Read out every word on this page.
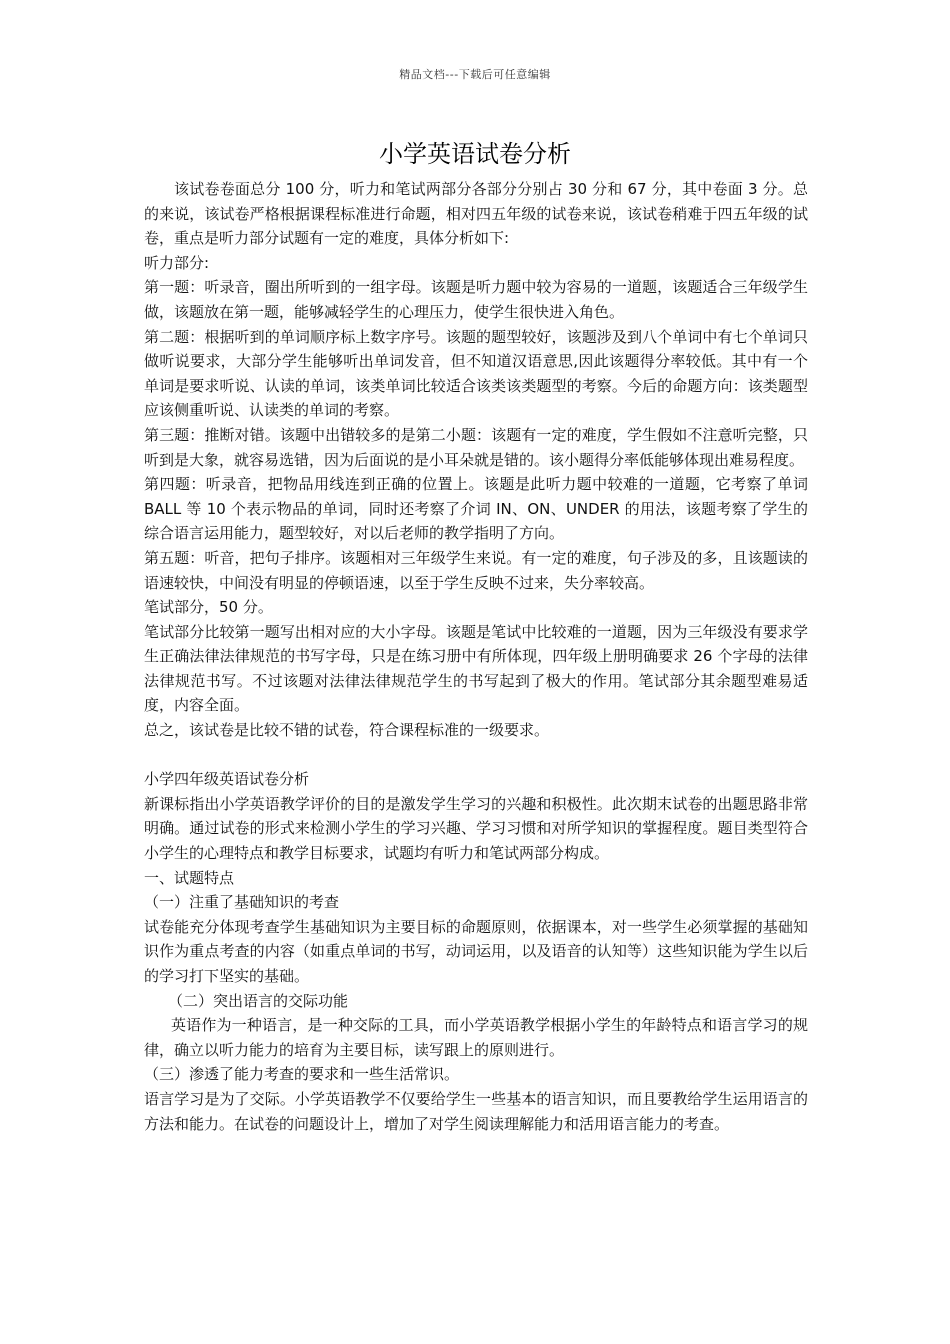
精品文档---下载后可任意编辑
小学英语试卷分析

该试卷卷面总分 100 分，听力和笔试两部分各部分分别占 30 分和 67 分，其中卷面 3 分。总的来说，该试卷严格根据课程标准进行命题，相对四五年级的试卷来说，该试卷稍难于四五年级的试卷，重点是听力部分试题有一定的难度，具体分析如下:

听力部分:

第一题：听录音，圈出所听到的一组字母。该题是听力题中较为容易的一道题，该题适合三年级学生做，该题放在第一题，能够减轻学生的心理压力，使学生很快进入角色。

第二题：根据听到的单词顺序标上数字序号。该题的题型较好，该题涉及到八个单词中有七个单词只做听说要求，大部分学生能够听出单词发音，但不知道汉语意思,因此该题得分率较低。其中有一个单词是要求听说、认读的单词，该类单词比较适合该类该类题型的考察。今后的命题方向：该类题型应该侧重听说、认读类的单词的考察。

第三题：推断对错。该题中出错较多的是第二小题：该题有一定的难度，学生假如不注意听完整，只听到是大象，就容易选错，因为后面说的是小耳朵就是错的。该小题得分率低能够体现出难易程度。

第四题：听录音，把物品用线连到正确的位置上。该题是此听力题中较难的一道题，它考察了单词 BALL 等 10 个表示物品的单词，同时还考察了介词 IN、ON、UNDER 的用法，该题考察了学生的综合语言运用能力，题型较好，对以后老师的教学指明了方向。

第五题：听音，把句子排序。该题相对三年级学生来说。有一定的难度，句子涉及的多，且该题读的语速较快，中间没有明显的停顿语速，以至于学生反映不过来，失分率较高。

笔试部分，50 分。

笔试部分比较第一题写出相对应的大小字母。该题是笔试中比较难的一道题，因为三年级没有要求学生正确法律法律规范的书写字母，只是在练习册中有所体现，四年级上册明确要求 26 个字母的法律法律规范书写。不过该题对法律法律规范学生的书写起到了极大的作用。笔试部分其余题型难易适度，内容全面。

总之，该试卷是比较不错的试卷，符合课程标准的一级要求。

小学四年级英语试卷分析

新课标指出小学英语教学评价的目的是激发学生学习的兴趣和积极性。此次期末试卷的出题思路非常明确。通过试卷的形式来检测小学生的学习兴趣、学习习惯和对所学知识的掌握程度。题目类型符合小学生的心理特点和教学目标要求，试题均有听力和笔试两部分构成。

一、试题特点

（一）注重了基础知识的考查

试卷能充分体现考查学生基础知识为主要目标的命题原则，依据课本，对一些学生必须掌握的基础知识作为重点考查的内容（如重点单词的书写，动词运用，以及语音的认知等）这些知识能为学生以后的学习打下坚实的基础。

（二）突出语言的交际功能

英语作为一种语言，是一种交际的工具，而小学英语教学根据小学生的年龄特点和语言学习的规律，确立以听力能力的培育为主要目标，读写跟上的原则进行。

（三）渗透了能力考查的要求和一些生活常识。

语言学习是为了交际。小学英语教学不仅要给学生一些基本的语言知识，而且要教给学生运用语言的方法和能力。在试卷的问题设计上，增加了对学生阅读理解能力和活用语言能力的考查。
